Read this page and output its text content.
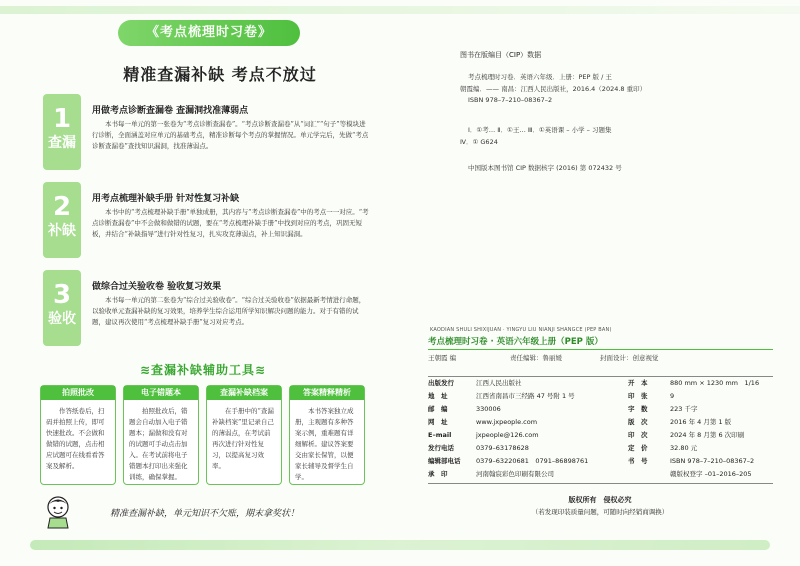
《考点梳理时习卷》
精准查漏补缺 考点不放过
1
查漏
用做考点诊断查漏卷 查漏洞找准薄弱点
本书每一单元的第一张卷为“考点诊断查漏卷”。“考点诊断查漏卷”从“词汇”“句子”等模块进行诊断，全面涵盖对应单元的基础考点，精准诊断每个考点的掌握情况。单元学完后，先做“考点诊断查漏卷”查找知识漏洞，找准薄弱点。
2
补缺
用考点梳理补缺手册 针对性复习补缺
本书中的“考点梳理补缺手册”单独成册，其内容与“考点诊断查漏卷”中的考点一一对应。“考点诊断查漏卷”中不会做和做错的试题，要在“考点梳理补缺手册”中找到对应的考点，巩固无短板，并结合“补缺指导”进行针对性复习，扎实攻克薄弱点，补上知识漏洞。
3
验收
做综合过关验收卷 验收复习效果
本书每一单元的第二张卷为“综合过关验收卷”。“综合过关验收卷”依据最新考情进行命题，以验收单元查漏补缺的复习效果，培养学生综合运用所学知识解决问题的能力。对于有错的试题，建议再次使用“考点梳理补缺手册”复习对应考点。
≋查漏补缺辅助工具≋
拍照批改
作答纸卷后，扫码并拍照上传，即可快速批改。不会做和做错的试题，点击相应试题可在线看看答案及解析。
电子错题本
拍照批改后，错题会自动加入电子错题本；漏做和没有对的试题可手动点击加入。在考试前将电子错题本打印出来强化训练，确保掌握。
查漏补缺档案
在手册中的“查漏补缺档案”里记录自己的薄弱点，在考试前再次进行针对性复习，以提高复习效率。
答案精释精析
本书答案独立成册，主观题有多种答案示例，重难题有详细解析。建议答案要交由家长保管，以便家长辅导及督学生自学。
精准查漏补缺，单元知识不欠账，期末拿奖状！
图书在版编目（CIP）数据
考点梳理时习卷．英语六年级．上册：PEP 版 / 王
朝霞编．—— 南昌：江西人民出版社，2016.4（2024.8 重印）
ISBN 978–7–210–08367–2
Ⅰ．①考… Ⅱ．①王… Ⅲ．①英语课 – 小学 – 习题集
Ⅳ．① G624
中国版本图书馆 CIP 数据核字 (2016) 第 072432 号
KAODIAN SHULI SHIXIJUAN · YINGYU LIU NIANJI SHANGCE (PEP BAN)
考点梳理时习卷 · 英语六年级上册（PEP 版）
王朝霞 编	责任编辑：鲁丽媛	封面设计：创意视觉
出版发行	江西人民出版社	开　本	880 mm × 1230 mm　1/16
地　址	江西省南昌市三经路 47 号附 1 号	印　张	9
邮　编	330006	字　数	223 千字
网　址	www.jxpeople.com	版　次	2016 年 4 月第 1 版
E–mail	jxpeople@126.com	印　次	2024 年 8 月第 6 次印刷
发行电话	0379–63178628	定　价	32.80 元
编辑部电话	0379–63220681　0791–86898761	书　号	ISBN 978–7–210–08367–2
承　印	河南翰宸彩色印刷有限公司	赣版权登字 –01–2016–205
版权所有　侵权必究
（若发现印装质量问题，可随时向经销商调换）
